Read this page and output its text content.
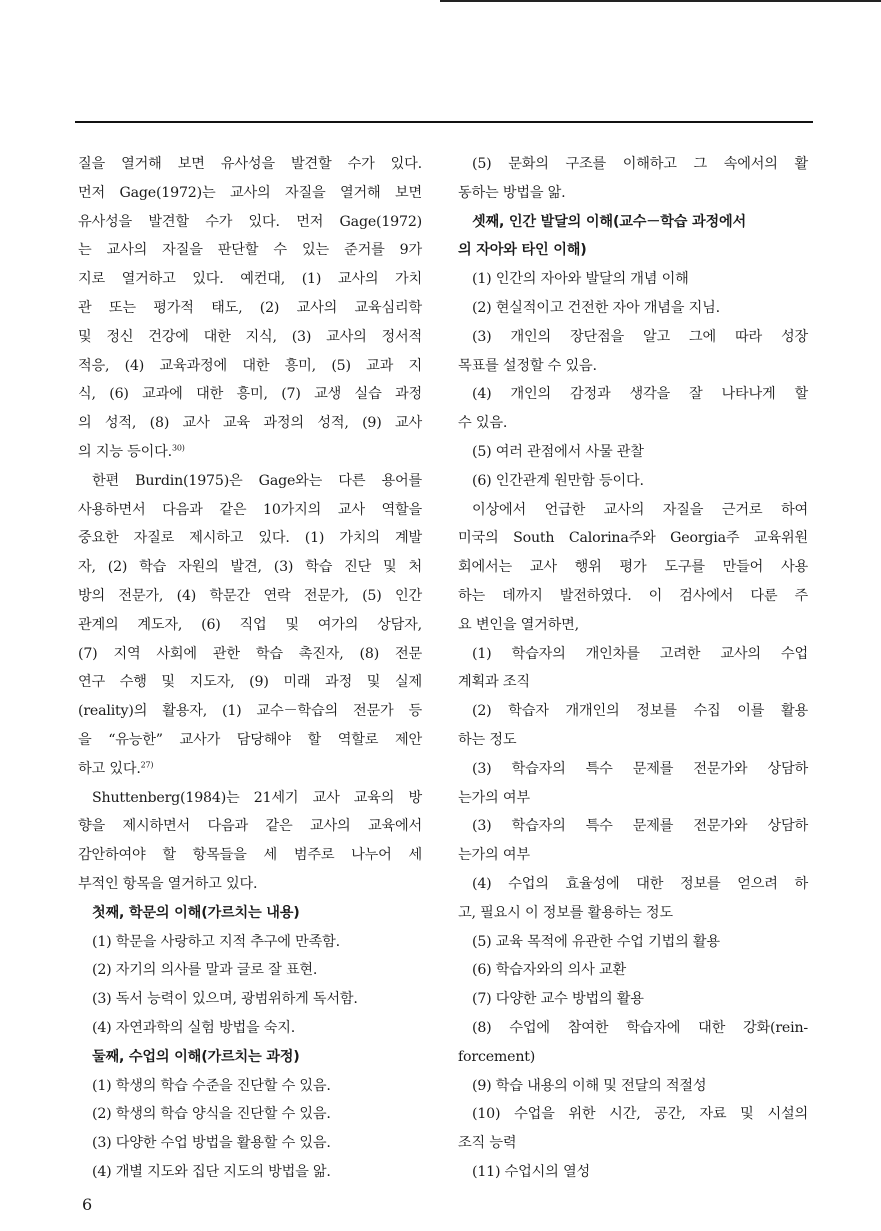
질을 열거해 보면 유사성을 발견할 수가 있다.
먼저 Gage(1972)는 교사의 자질을 열거해 보면
유사성을 발견할 수가 있다. 먼저 Gage(1972)
는 교사의 자질을 판단할 수 있는 준거를 9가
지로 열거하고 있다. 예컨대, (1) 교사의 가치
관 또는 평가적 태도, (2) 교사의 교육심리학
및 정신 건강에 대한 지식, (3) 교사의 정서적
적응, (4) 교육과정에 대한 흥미, (5) 교과 지
식, (6) 교과에 대한 흥미, (7) 교생 실습 과정
의 성적, (8) 교사 교육 과정의 성적, (9) 교사
의 지능 등이다.$^{30)}$
 한편 Burdin(1975)은 Gage와는 다른 용어를
사용하면서 다음과 같은 10가지의 교사 역할을
중요한 자질로 제시하고 있다. (1) 가치의 계발
자, (2) 학습 자원의 발견, (3) 학습 진단 및 처
방의 전문가, (4) 학문간 연락 전문가, (5) 인간
관계의 계도자, (6) 직업 및 여가의 상담자,
(7) 지역 사회에 관한 학습 촉진자, (8) 전문
연구 수행 및 지도자, (9) 미래 과정 및 실제
(reality)의 활용자, (1) 교수－학습의 전문가 등
을 “유능한” 교사가 담당해야 할 역할로 제안
하고 있다.$^{27)}$
 Shuttenberg(1984)는 21세기 교사 교육의 방
향을 제시하면서 다음과 같은 교사의 교육에서
감안하여야 할 항목들을 세 범주로 나누어 세
부적인 항목을 열거하고 있다.
 첫째, 학문의 이해(가르치는 내용)
 (1) 학문을 사랑하고 지적 추구에 만족함.
 (2) 자기의 의사를 말과 글로 잘 표현.
 (3) 독서 능력이 있으며, 광범위하게 독서함.
 (4) 자연과학의 실험 방법을 숙지.
 둘째, 수업의 이해(가르치는 과정)
 (1) 학생의 학습 수준을 진단할 수 있음.
 (2) 학생의 학습 양식을 진단할 수 있음.
 (3) 다양한 수업 방법을 활용할 수 있음.
 (4) 개별 지도와 집단 지도의 방법을 앎.
 (5) 문화의 구조를 이해하고 그 속에서의 활
동하는 방법을 앎.
 셋째, 인간 발달의 이해(교수－학습 과정에서
의 자아와 타인 이해)
 (1) 인간의 자아와 발달의 개념 이해
 (2) 현실적이고 건전한 자아 개념을 지님.
 (3) 개인의 장단점을 알고 그에 따라 성장
목표를 설정할 수 있음.
 (4) 개인의 감정과 생각을 잘 나타나게 할
수 있음.
 (5) 여러 관점에서 사물 관찰
 (6) 인간관계 원만함 등이다.
 이상에서 언급한 교사의 자질을 근거로 하여
미국의 South Calorina주와 Georgia주 교육위원
회에서는 교사 행위 평가 도구를 만들어 사용
하는 데까지 발전하였다. 이 검사에서 다룬 주
요 변인을 열거하면,
 (1) 학습자의 개인차를 고려한 교사의 수업
계획과 조직
 (2) 학습자 개개인의 정보를 수집 이를 활용
하는 정도
 (3) 학습자의 특수 문제를 전문가와 상담하
는가의 여부
 (3) 학습자의 특수 문제를 전문가와 상담하
는가의 여부
 (4) 수업의 효율성에 대한 정보를 얻으려 하
고, 필요시 이 정보를 활용하는 정도
 (5) 교육 목적에 유관한 수업 기법의 활용
 (6) 학습자와의 의사 교환
 (7) 다양한 교수 방법의 활용
 (8) 수업에 참여한 학습자에 대한 강화(rein-
forcement)
 (9) 학습 내용의 이해 및 전달의 적절성
 (10) 수업을 위한 시간, 공간, 자료 및 시설의
조직 능력
 (11) 수업시의 열성
6
